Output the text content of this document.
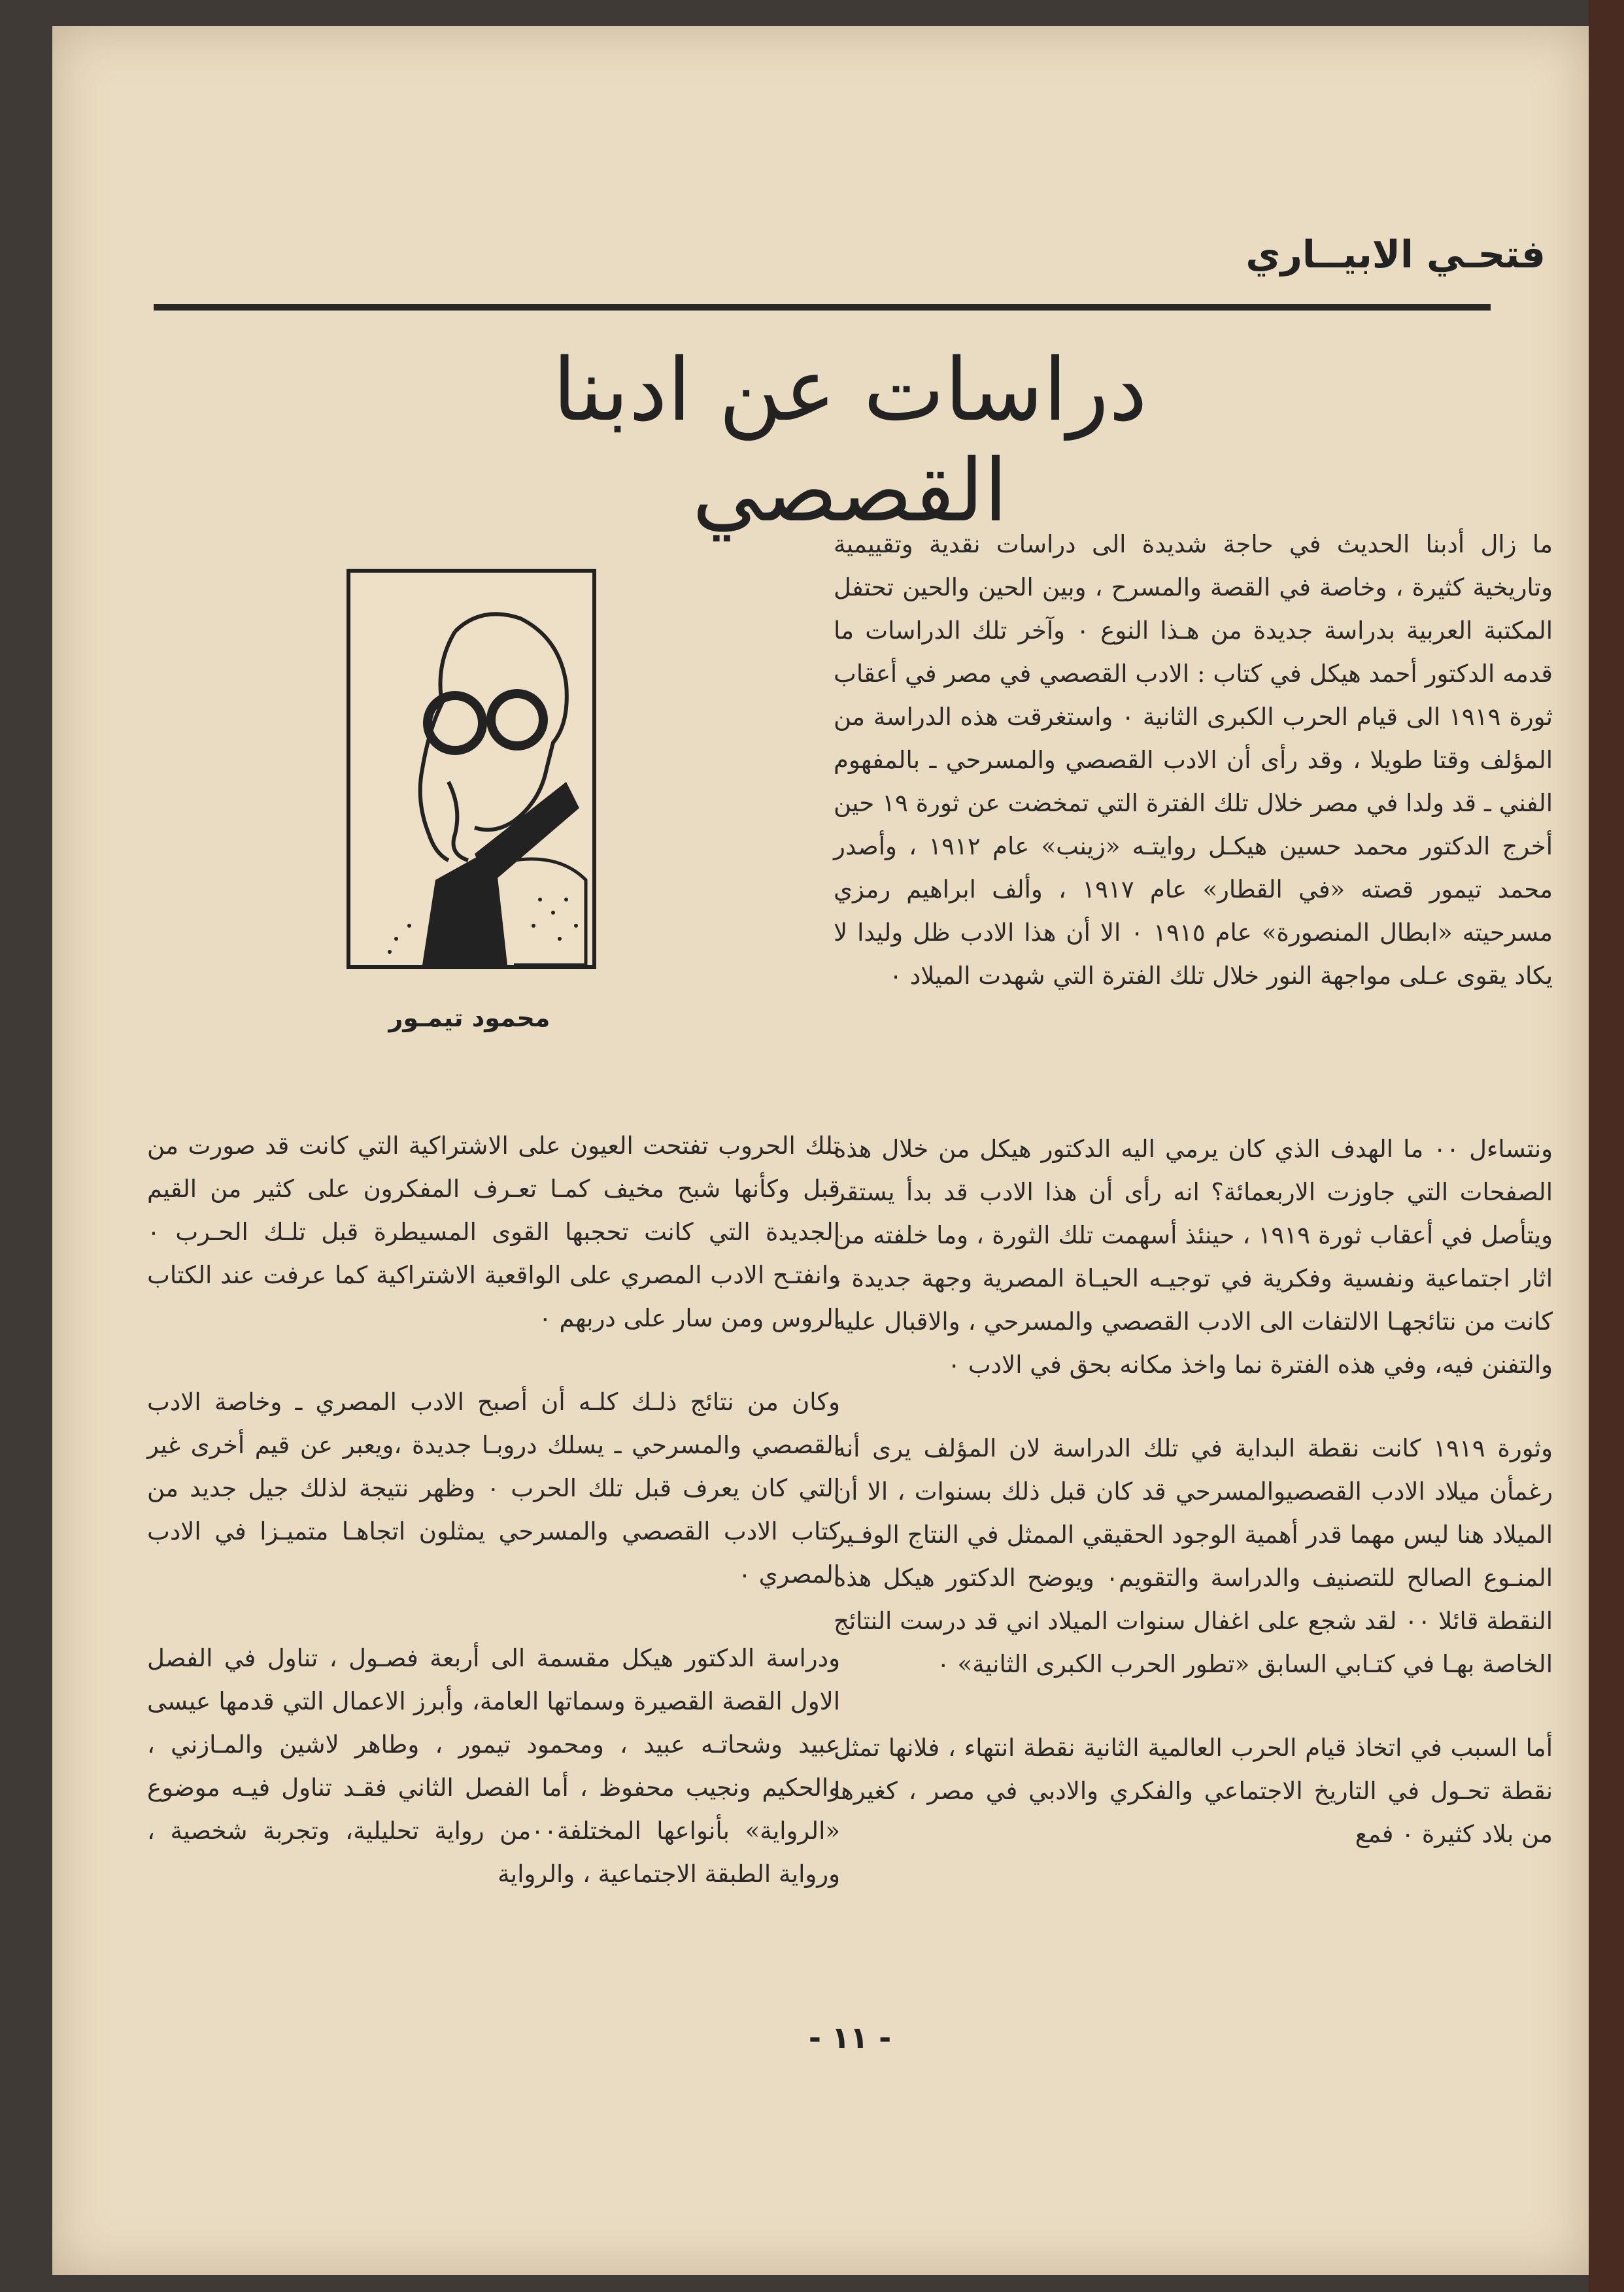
فتحـي الابيــاري
دراسات عن ادبنا القصصي

ما زال أدبنا الحديث في حاجة شديدة الى دراسات نقدية وتقييمية وتاريخية كثيرة ، وخاصة في القصة والمسرح ، وبين الحين والحين تحتفل المكتبة العربية بدراسة جديدة من هـذا النوع ٠ وآخر تلك الدراسات ما قدمه الدكتور أحمد هيكل في كتاب : الادب القصصي في مصر في أعقاب ثورة ١٩١٩ الى قيام الحرب الكبرى الثانية ٠ واستغرقت هذه الدراسة من المؤلف وقتا طويلا ، وقد رأى أن الادب القصصي والمسرحي ـ بالمفهوم الفني ـ قد ولدا في مصر خلال تلك الفترة التي تمخضت عن ثورة ١٩ حين أخرج الدكتور محمد حسين هيكـل روايتـه «زينب» عام ١٩١٢ ، وأصدر محمد تيمور قصته «في القطار» عام ١٩١٧ ، وألف ابراهيم رمزي مسرحيته «ابطال المنصورة» عام ١٩١٥ ٠ الا أن هذا الادب ظل وليدا لا يكاد يقوى عـلى مواجهة النور خلال تلك الفترة التي شهدت الميلاد ٠

محمود تيمـور

ونتساءل ٠٠ ما الهدف الذي كان يرمي اليه الدكتور هيكل من خلال هذه الصفحات التي جاوزت الاربعمائة؟ انه رأى أن هذا الادب قد بدأ يستقر ويتأصل في أعقاب ثورة ١٩١٩ ، حينئذ أسهمت تلك الثورة ، وما خلفته من اثار اجتماعية ونفسية وفكرية في توجيـه الحيـاة المصرية وجهة جديدة ، كانت من نتائجهـا الالتفات الى الادب القصصي والمسرحي ، والاقبال عليه والتفنن فيه، وفي هذه الفترة نما واخذ مكانه بحق في الادب ٠

وثورة ١٩١٩ كانت نقطة البداية في تلك الدراسة لان المؤلف يرى أنه رغمأن ميلاد الادب القصصيوالمسرحي قد كان قبل ذلك بسنوات ، الا أن الميلاد هنا ليس مهما قدر أهمية الوجود الحقيقي الممثل في النتاج الوفـير المنـوع الصالح للتصنيف والدراسة والتقويم٠ ويوضح الدكتور هيكل هذه النقطة قائلا ٠٠ لقد شجع على اغفال سنوات الميلاد اني قد درست النتائج الخاصة بهـا في كتـابي السابق «تطور الحرب الكبرى الثانية» ٠

أما السبب في اتخاذ قيام الحرب العالمية الثانية نقطة انتهاء ، فلانها تمثل نقطة تحـول في التاريخ الاجتماعي والفكري والادبي في مصر ، كغيرها من بلاد كثيرة ٠ فمع

تلك الحروب تفتحت العيون على الاشتراكية التي كانت قد صورت من قبل وكأنها شبح مخيف كمـا تعـرف المفكرون على كثير من القيم الجديدة التي كانت تحجبها القوى المسيطرة قبل تلـك الحـرب ٠ وانفتـح الادب المصري على الواقعية الاشتراكية كما عرفت عند الكتاب الروس ومن سار على دربهم ٠

وكان من نتائج ذلـك كلـه أن أصبح الادب المصري ـ وخاصة الادب القصصي والمسرحي ـ يسلك دروبـا جديدة ،ويعبر عن قيم أخرى غير التي كان يعرف قبل تلك الحرب ٠ وظهر نتيجة لذلك جيل جديد من كتاب الادب القصصي والمسرحي يمثلون اتجاهـا متميـزا في الادب المصري ٠

ودراسة الدكتور هيكل مقسمة الى أربعة فصـول ، تناول في الفصل الاول القصة القصيرة وسماتها العامة، وأبرز الاعمال التي قدمها عيسى عبيد وشحاتـه عبيد ، ومحمود تيمور ، وطاهر لاشين والمـازني ، والحكيم ونجيب محفوظ ، أما الفصل الثاني فقـد تناول فيـه موضوع «الرواية» بأنواعها المختلفة٠٠من رواية تحليلية، وتجربة شخصية ، ورواية الطبقة الاجتماعية ، والرواية

- ١١ -
